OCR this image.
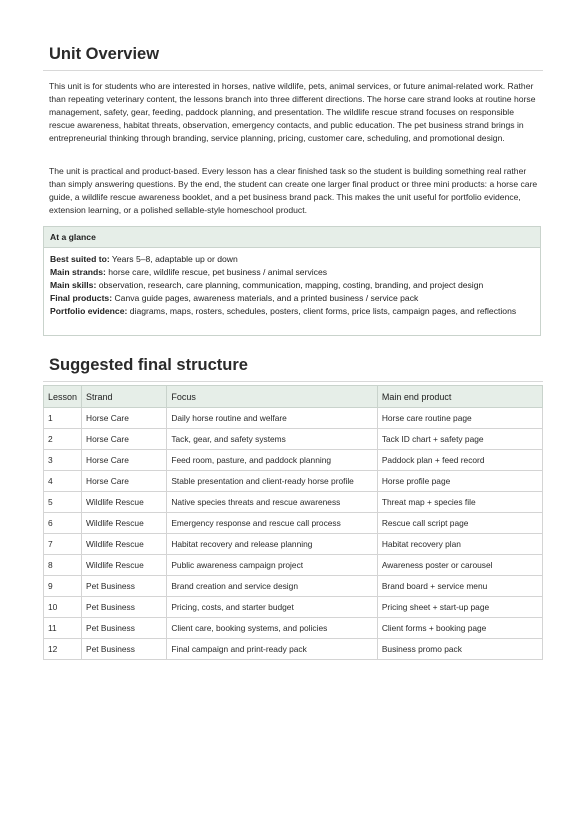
Unit Overview

This unit is for students who are interested in horses, native wildlife, pets, animal services, or future animal-related work. Rather than repeating veterinary content, the lessons branch into three different directions. The horse care strand looks at routine horse management, safety, gear, feeding, paddock planning, and presentation. The wildlife rescue strand focuses on responsible rescue awareness, habitat threats, observation, emergency contacts, and public education. The pet business strand brings in entrepreneurial thinking through branding, service planning, pricing, customer care, scheduling, and promotional design.

The unit is practical and product-based. Every lesson has a clear finished task so the student is building something real rather than simply answering questions. By the end, the student can create one larger final product or three mini products: a horse care guide, a wildlife rescue awareness booklet, and a pet business brand pack. This makes the unit useful for portfolio evidence, extension learning, or a polished sellable-style homeschool product.

At a glance
Best suited to: Years 5–8, adaptable up or down
Main strands: horse care, wildlife rescue, pet business / animal services
Main skills: observation, research, care planning, communication, mapping, costing, branding, and project design
Final products: Canva guide pages, awareness materials, and a printed business / service pack
Portfolio evidence: diagrams, maps, rosters, schedules, posters, client forms, price lists, campaign pages, and reflections
Suggested final structure
Lesson	Strand	Focus	Main end product
1	Horse Care	Daily horse routine and welfare	Horse care routine page
2	Horse Care	Tack, gear, and safety systems	Tack ID chart + safety page
3	Horse Care	Feed room, pasture, and paddock planning	Paddock plan + feed record
4	Horse Care	Stable presentation and client-ready horse profile	Horse profile page
5	Wildlife Rescue	Native species threats and rescue awareness	Threat map + species file
6	Wildlife Rescue	Emergency response and rescue call process	Rescue call script page
7	Wildlife Rescue	Habitat recovery and release planning	Habitat recovery plan
8	Wildlife Rescue	Public awareness campaign project	Awareness poster or carousel
9	Pet Business	Brand creation and service design	Brand board + service menu
10	Pet Business	Pricing, costs, and starter budget	Pricing sheet + start-up page
11	Pet Business	Client care, booking systems, and policies	Client forms + booking page
12	Pet Business	Final campaign and print-ready pack	Business promo pack
